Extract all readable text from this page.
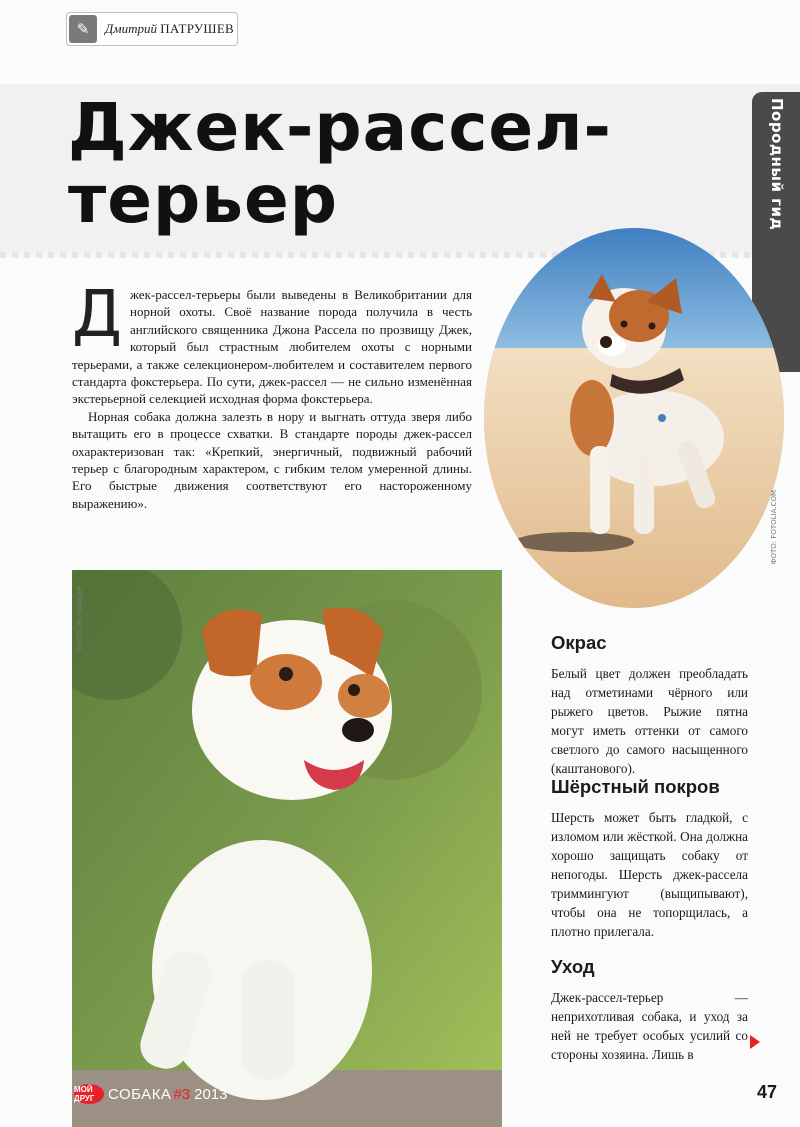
✎	Дмитрий ПАТРУШЕВ
Джек-рассел-
терьер	Породный гид

Джек-рассел-терьеры были выведены в Великобритании для норной охоты. Своё название порода получила в честь английского священника Джона Рассела по прозвищу Джек, который был страстным любителем охоты с норными терьерами, а также селекционером-любителем и составителем первого стандарта фокстерьера. По сути, джек-рассел — не сильно изменённая экстерьерной селекцией исходная форма фокстерьера.

Норная собака должна залезть в нору и выгнать оттуда зверя либо вытащить его в процессе схватки. В стандарте породы джек-рассел охарактеризован так: «Крепкий, энергичный, подвижный рабочий терьер с благородным характером, с гибким телом умеренной длины. Его быстрые движения соответствуют его настороженному выражению».	ФОТО: FOTOLIA.COM
ФОТО: М. ЗАЙЦЕР	Окрас

Белый цвет должен преобладать над отметинами чёрного или рыжего цветов. Рыжие пятна могут иметь оттенки от самого светлого до самого насыщенного (каштанового).

Шёрстный покров

Шерсть может быть гладкой, с изломом или жёсткой. Она должна хорошо защищать собаку от непогоды. Шерсть джек-рассела триммингуют (выщипывают), чтобы она не топорщилась, а плотно прилегала.

Уход

Джек-рассел-терьер — неприхотливая собака, и уход за ней не требует особых усилий со стороны хозяина. Лишь в

МОЙ ДРУГ СОБАКА #3 2013	47
